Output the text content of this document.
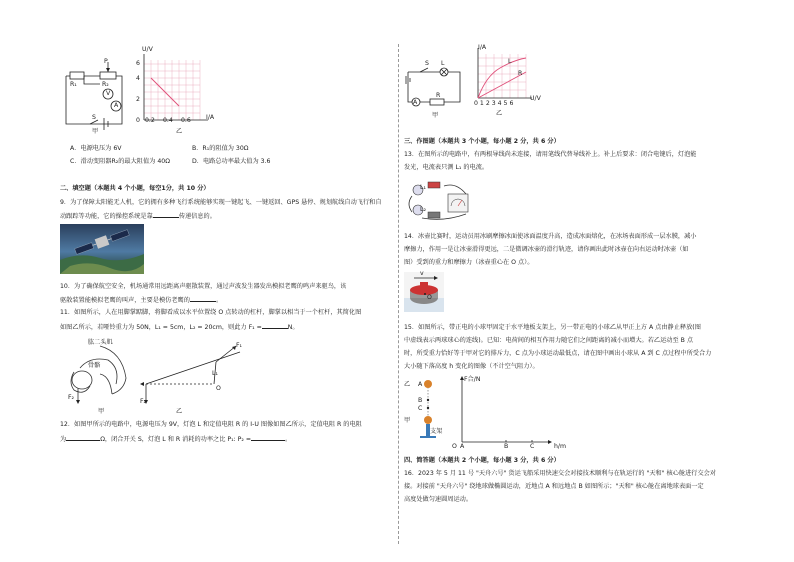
P
R₁	R₂
V
A
S
甲
U/V
I/A
6
4
2
0 0.2 0.4 0.6
乙
A．电源电压为 6V	B．R₁的阻值为 30Ω
C．滑动变阻器R₂的最大阻值为 40Ω	D．电路总功率最大值为 3.6
二、填空题（本题共 4 个小题，每空1分，共 10 分）
9．为了保障太阳能无人机，它的拥有多种飞行系统能够实现一键起飞、一键返回、GPS 悬停、规划航线自动飞行和自
动跟踪等功能，它的操控系统是靠	传递信息的。
10．为了确保航空安全，机场通常用远距离声驱散装置，通过声波发生器发出模拟老鹰的鸣声来驱鸟，该
驱散装置能模拟老鹰的叫声，主要是模仿老鹰的	。
11．如图所示，人在用脚掌踮脚，将脚看成以水平位置绕 O 点转动的杠杆，脚掌以相当于一个杠杆，其简化图
如图乙所示，若哑铃重力为 50N，L₁ = 5cm，L₂ = 20cm，则此力 F₁ =	N。
肱二头肌
骨骼
F₂
甲
F₁
L₁
O
F₂
乙
12．如图甲所示的电路中，电源电压为 9V，灯泡 L 和定值电阻 R 的 I-U 图像如图乙所示，定值电阻 R 的电阻
为	Ω，闭合开关 S，灯泡 L 和 R 消耗的功率之比 P₁: P₂ =	。
S L
R
A
甲
I/A
U/V
L
R
0 1 2 3 4 5 6
乙
三、作图题（本题共 3 个小题，每小题 2 分，共 6 分）
13．在图所示的电路中，有两根导线尚未连接，请用笔线代替导线补上。补上后要求：闭合电键后，灯泡能
发光，电流表只测 L₁ 的电流。
L₁
L₂
14．冰壶比赛时，运动员用冰刷摩擦冰面使冰面温度升高，造成冰面熔化，在冰场表面形成一层水膜，减小
摩擦力，作用一是让冰壶滑得更远，二是微调冰壶的滑行轨迹，请你画出此时冰壶在向右运动时冰壶（如
图）受到的重力和摩擦力（冰壶重心在 O 点）。
v
O
15．如图所示，带正电的小球甲固定于水平地板支架上，另一带正电的小球乙从甲正上方 A 点由静止释放(图
中虚线表示两球球心的连线)。已知：电荷间的相互作用力随它们之间距离的减小而增大。若乙运动至 B 点
时，所受重力恰好等于甲对它的排斥力，C 点为小球运动最低点，请在图中画出小球从 A 到 C 点过程中所受合力
大小随下落高度 h 变化的图像（不计空气阻力）。
乙 A
B
C
甲
支架
F合/N
h/m
O A	B	C
四、简答题（本题共 2 个小题，每小题 3 分，共 6 分）
16．2023 年 5 月 11 号 "天舟六号" 货运飞船采用快速交会对接技术顺利与在轨运行的 "天和" 核心舱进行交会对
接。对接前 "天舟六号" 绕地球做椭圆运动，近地点 A 和远地点 B 如图所示；"天和" 核心舱在离地球表面一定
高度处做匀速圆周运动。
